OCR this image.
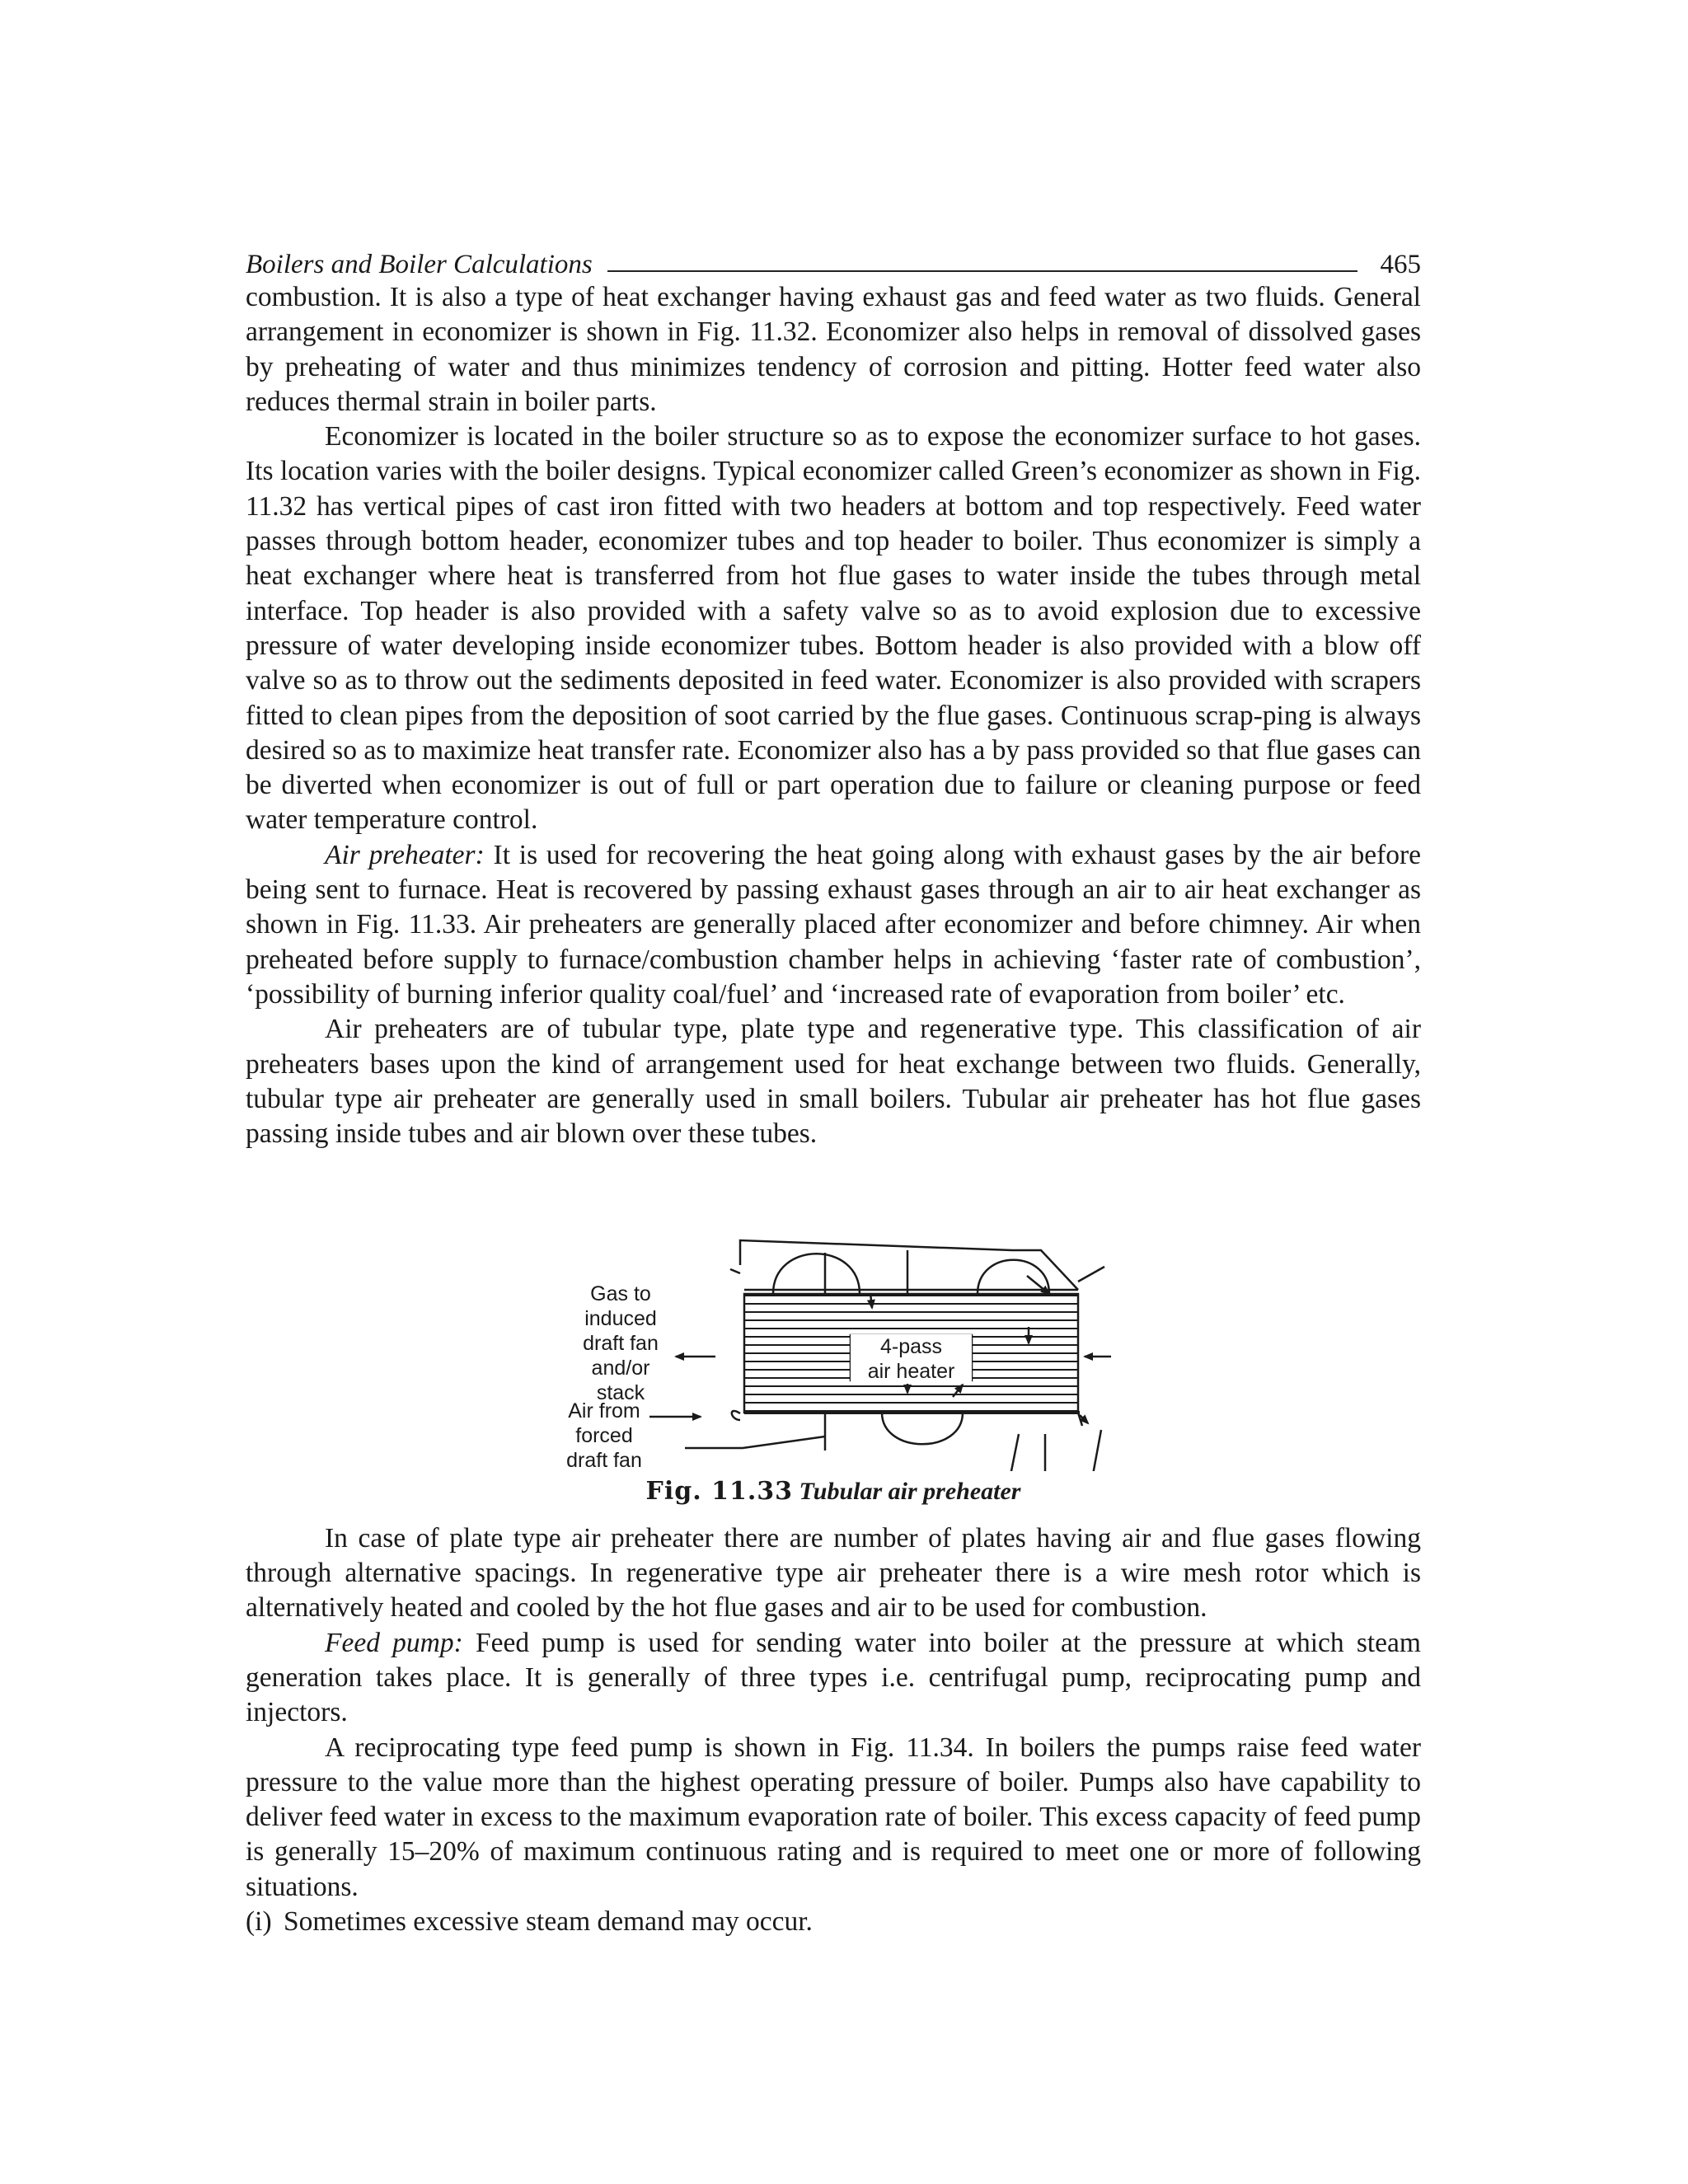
Boilers and Boiler Calculations	465

combustion. It is also a type of heat exchanger having exhaust gas and feed water as two fluids. General arrangement in economizer is shown in Fig. 11.32. Economizer also helps in removal of dissolved gases by preheating of water and thus minimizes tendency of corrosion and pitting. Hotter feed water also reduces thermal strain in boiler parts.

Economizer is located in the boiler structure so as to expose the economizer surface to hot gases. Its location varies with the boiler designs. Typical economizer called Green’s economizer as shown in Fig. 11.32 has vertical pipes of cast iron fitted with two headers at bottom and top respectively. Feed water passes through bottom header, economizer tubes and top header to boiler. Thus economizer is simply a heat exchanger where heat is transferred from hot flue gases to water inside the tubes through metal interface. Top header is also provided with a safety valve so as to avoid explosion due to excessive pressure of water developing inside economizer tubes. Bottom header is also provided with a blow off valve so as to throw out the sediments deposited in feed water. Economizer is also provided with scrapers fitted to clean pipes from the deposition of soot carried by the flue gases. Continuous scrap-ping is always desired so as to maximize heat transfer rate. Economizer also has a by pass provided so that flue gases can be diverted when economizer is out of full or part operation due to failure or cleaning purpose or feed water temperature control.

Air preheater: It is used for recovering the heat going along with exhaust gases by the air before being sent to furnace. Heat is recovered by passing exhaust gases through an air to air heat exchanger as shown in Fig. 11.33. Air preheaters are generally placed after economizer and before chimney. Air when preheated before supply to furnace/combustion chamber helps in achieving ‘faster rate of combustion’, ‘possibility of burning inferior quality coal/fuel’ and ‘increased rate of evaporation from boiler’ etc.

Air preheaters are of tubular type, plate type and regenerative type. This classification of air preheaters bases upon the kind of arrangement used for heat exchange between two fluids. Generally, tubular type air preheater are generally used in small boilers. Tubular air preheater has hot flue gases passing inside tubes and air blown over these tubes.

Gas to
induced
draft fan
and/or
stack
Air from
forced
draft fan
4-pass
air heater
Fig. 11.33 Tubular air preheater

In case of plate type air preheater there are number of plates having air and flue gases flowing through alternative spacings. In regenerative type air preheater there is a wire mesh rotor which is alternatively heated and cooled by the hot flue gases and air to be used for combustion.

Feed pump: Feed pump is used for sending water into boiler at the pressure at which steam generation takes place. It is generally of three types i.e. centrifugal pump, reciprocating pump and injectors.

A reciprocating type feed pump is shown in Fig. 11.34. In boilers the pumps raise feed water pressure to the value more than the highest operating pressure of boiler. Pumps also have capability to deliver feed water in excess to the maximum evaporation rate of boiler. This excess capacity of feed pump is generally 15–20% of maximum continuous rating and is required to meet one or more of following situations.

(i) Sometimes excessive steam demand may occur.
